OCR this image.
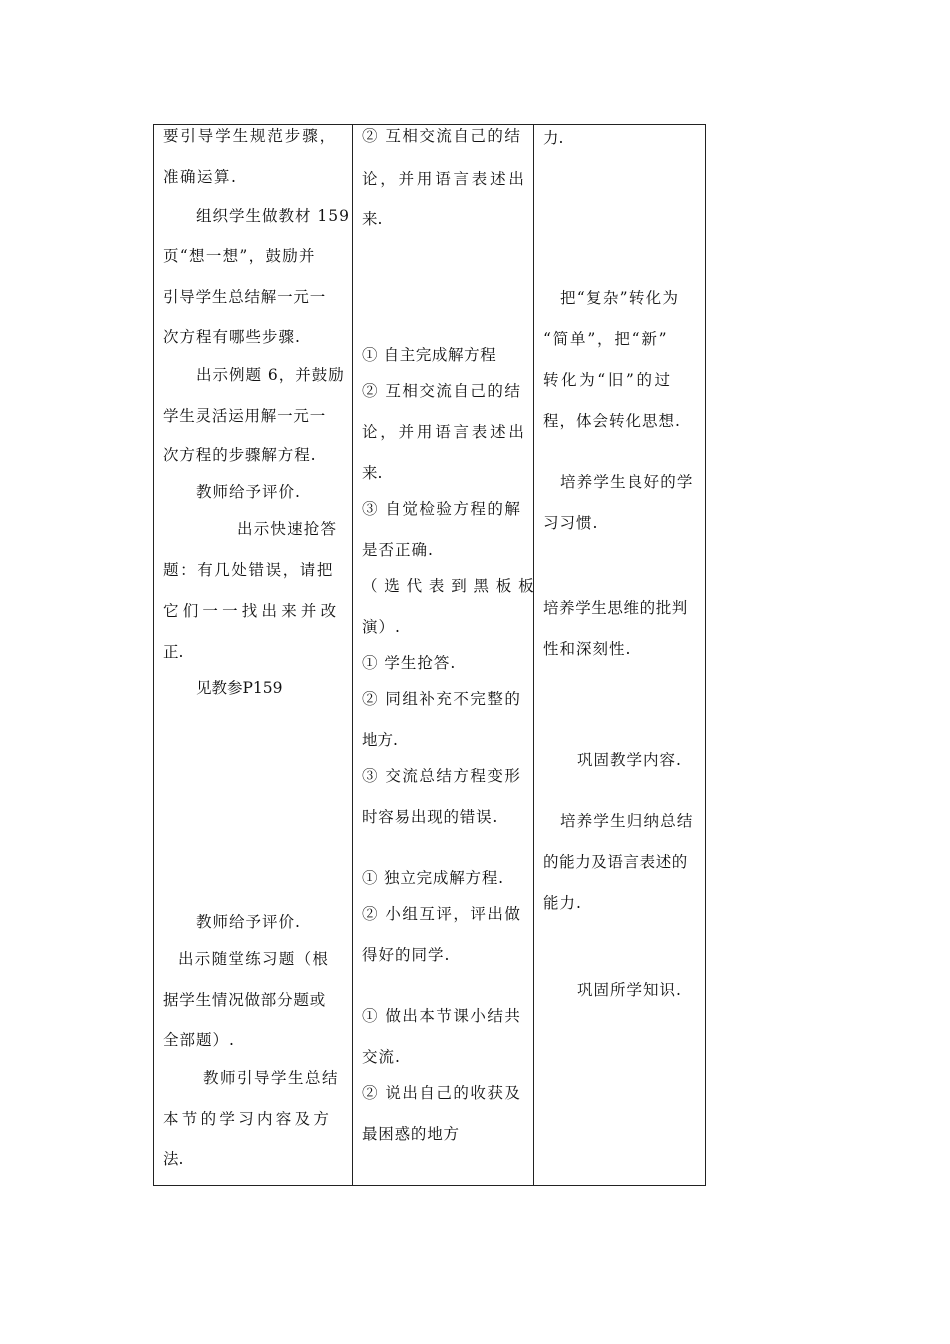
要引导学生规范步骤，
准确运算.
组织学生做教材 159
页“想一想”，鼓励并
引导学生总结解一元一
次方程有哪些步骤.
出示例题 6，并鼓励
学生灵活运用解一元一
次方程的步骤解方程.
教师给予评价.
出示快速抢答
题：有几处错误，请把
它们一一找出来并改
正.
见教参P159
教师给予评价.
出示随堂练习题（根
据学生情况做部分题或
全部题）.
教师引导学生总结
本节的学习内容及方
法.
② 互相交流自己的结
论，并用语言表述出
来.
① 自主完成解方程
② 互相交流自己的结
论，并用语言表述出
来.
③ 自觉检验方程的解
是否正确.
（选代表到黑板板
演）.
① 学生抢答.
② 同组补充不完整的
地方.
③ 交流总结方程变形
时容易出现的错误.
① 独立完成解方程.
② 小组互评，评出做
得好的同学.
① 做出本节课小结共
交流.
② 说出自己的收获及
最困惑的地方
力.
把“复杂”转化为
“简单”，把“新”
转化为“旧”的过
程，体会转化思想.
培养学生良好的学
习习惯.
培养学生思维的批判
性和深刻性.
巩固教学内容.
培养学生归纳总结
的能力及语言表述的
能力.
巩固所学知识.
